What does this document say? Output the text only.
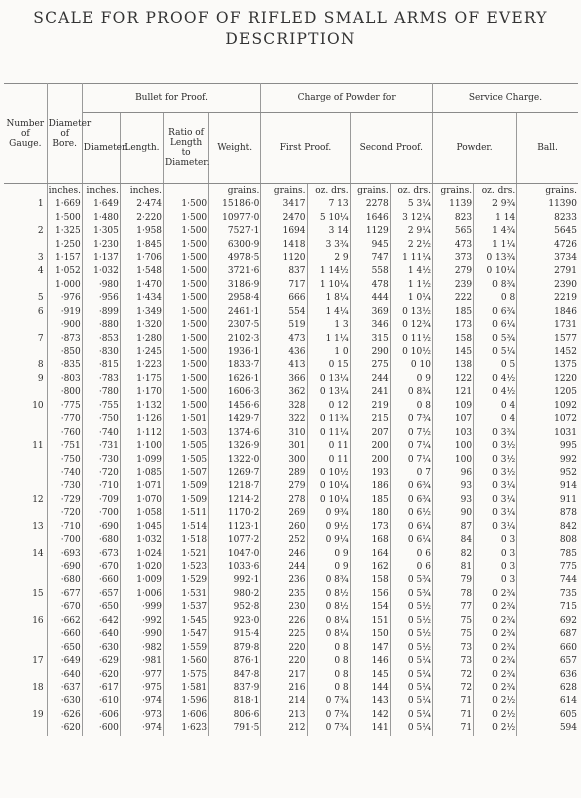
SCALE FOR PROOF OF RIFLED SMALL ARMS OF EVERY
DESCRIPTION
Number of Gauge.	Diameter of Bore.	Bullet for Proof.				Charge of Powder for				Service Charge.		
		Diameter.	Length.	Ratio of Length to Diameter.	Weight.	First Proof.		Second Proof.		Powder.		Ball.
	inches.	inches.	inches.		grains.	grains.	oz. drs.	grains.	oz. drs.	grains.	oz. drs.	grains.
1	1·669	1·649	2·474	1·500	15186·0	3417	7 13	2278	5 3¼	1139	2 9¾	11390
	1·500	1·480	2·220	1·500	10977·0	2470	5 10¼	1646	3 12¼	823	1 14	8233
2	1·325	1·305	1·958	1·500	7527·1	1694	3 14	1129	2 9¼	565	1 4¾	5645
	1·250	1·230	1·845	1·500	6300·9	1418	3 3¾	945	2 2½	473	1 1¼	4726
3	1·157	1·137	1·706	1·500	4978·5	1120	2 9	747	1 11¼	373	0 13¾	3734
4	1·052	1·032	1·548	1·500	3721·6	837	1 14½	558	1 4½	279	0 10¼	2791
	1·000	·980	1·470	1·500	3186·9	717	1 10¼	478	1 1½	239	0 8¾	2390
5	·976	·956	1·434	1·500	2958·4	666	1 8¼	444	1 0¼	222	0 8	2219
6	·919	·899	1·349	1·500	2461·1	554	1 4¼	369	0 13½	185	0 6¾	1846
	·900	·880	1·320	1·500	2307·5	519	1 3	346	0 12¾	173	0 6¼	1731
7	·873	·853	1·280	1·500	2102·3	473	1 1¼	315	0 11½	158	0 5¾	1577
	·850	·830	1·245	1·500	1936·1	436	1 0	290	0 10½	145	0 5¼	1452
8	·835	·815	1·223	1·500	1833·7	413	0 15	275	0 10	138	0 5	1375
9	·803	·783	1·175	1·500	1626·1	366	0 13¼	244	0 9	122	0 4½	1220
	·800	·780	1·170	1·500	1606·3	362	0 13¼	241	0 8¾	121	0 4½	1205
10	·775	·755	1·132	1·500	1456·6	328	0 12	219	0 8	109	0 4	1092
	·770	·750	1·126	1·501	1429·7	322	0 11¾	215	0 7¾	107	0 4	1072
	·760	·740	1·112	1·503	1374·6	310	0 11¼	207	0 7½	103	0 3¾	1031
11	·751	·731	1·100	1·505	1326·9	301	0 11	200	0 7¼	100	0 3½	995
	·750	·730	1·099	1·505	1322·0	300	0 11	200	0 7¼	100	0 3½	992
	·740	·720	1·085	1·507	1269·7	289	0 10½	193	0 7	96	0 3½	952
	·730	·710	1·071	1·509	1218·7	279	0 10¼	186	0 6¾	93	0 3¼	914
12	·729	·709	1·070	1·509	1214·2	278	0 10¼	185	0 6¾	93	0 3¼	911
	·720	·700	1·058	1·511	1170·2	269	0 9¾	180	0 6½	90	0 3¼	878
13	·710	·690	1·045	1·514	1123·1	260	0 9½	173	0 6¼	87	0 3¼	842
	·700	·680	1·032	1·518	1077·2	252	0 9¼	168	0 6¼	84	0 3	808
14	·693	·673	1·024	1·521	1047·0	246	0 9	164	0 6	82	0 3	785
	·690	·670	1·020	1·523	1033·6	244	0 9	162	0 6	81	0 3	775
	·680	·660	1·009	1·529	992·1	236	0 8¾	158	0 5¾	79	0 3	744
15	·677	·657	1·006	1·531	980·2	235	0 8½	156	0 5¾	78	0 2¾	735
	·670	·650	·999	1·537	952·8	230	0 8½	154	0 5½	77	0 2¾	715
16	·662	·642	·992	1·545	923·0	226	0 8¼	151	0 5½	75	0 2¾	692
	·660	·640	·990	1·547	915·4	225	0 8¼	150	0 5½	75	0 2¾	687
	·650	·630	·982	1·559	879·8	220	0 8	147	0 5½	73	0 2¾	660
17	·649	·629	·981	1·560	876·1	220	0 8	146	0 5¼	73	0 2¾	657
	·640	·620	·977	1·575	847·8	217	0 8	145	0 5¼	72	0 2¾	636
18	·637	·617	·975	1·581	837·9	216	0 8	144	0 5¼	72	0 2¾	628
	·630	·610	·974	1·596	818·1	214	0 7¾	143	0 5¼	71	0 2½	614
19	·626	·606	·973	1·606	806·6	213	0 7¾	142	0 5¼	71	0 2½	605
	·620	·600	·974	1·623	791·5	212	0 7¾	141	0 5¼	71	0 2½	594
